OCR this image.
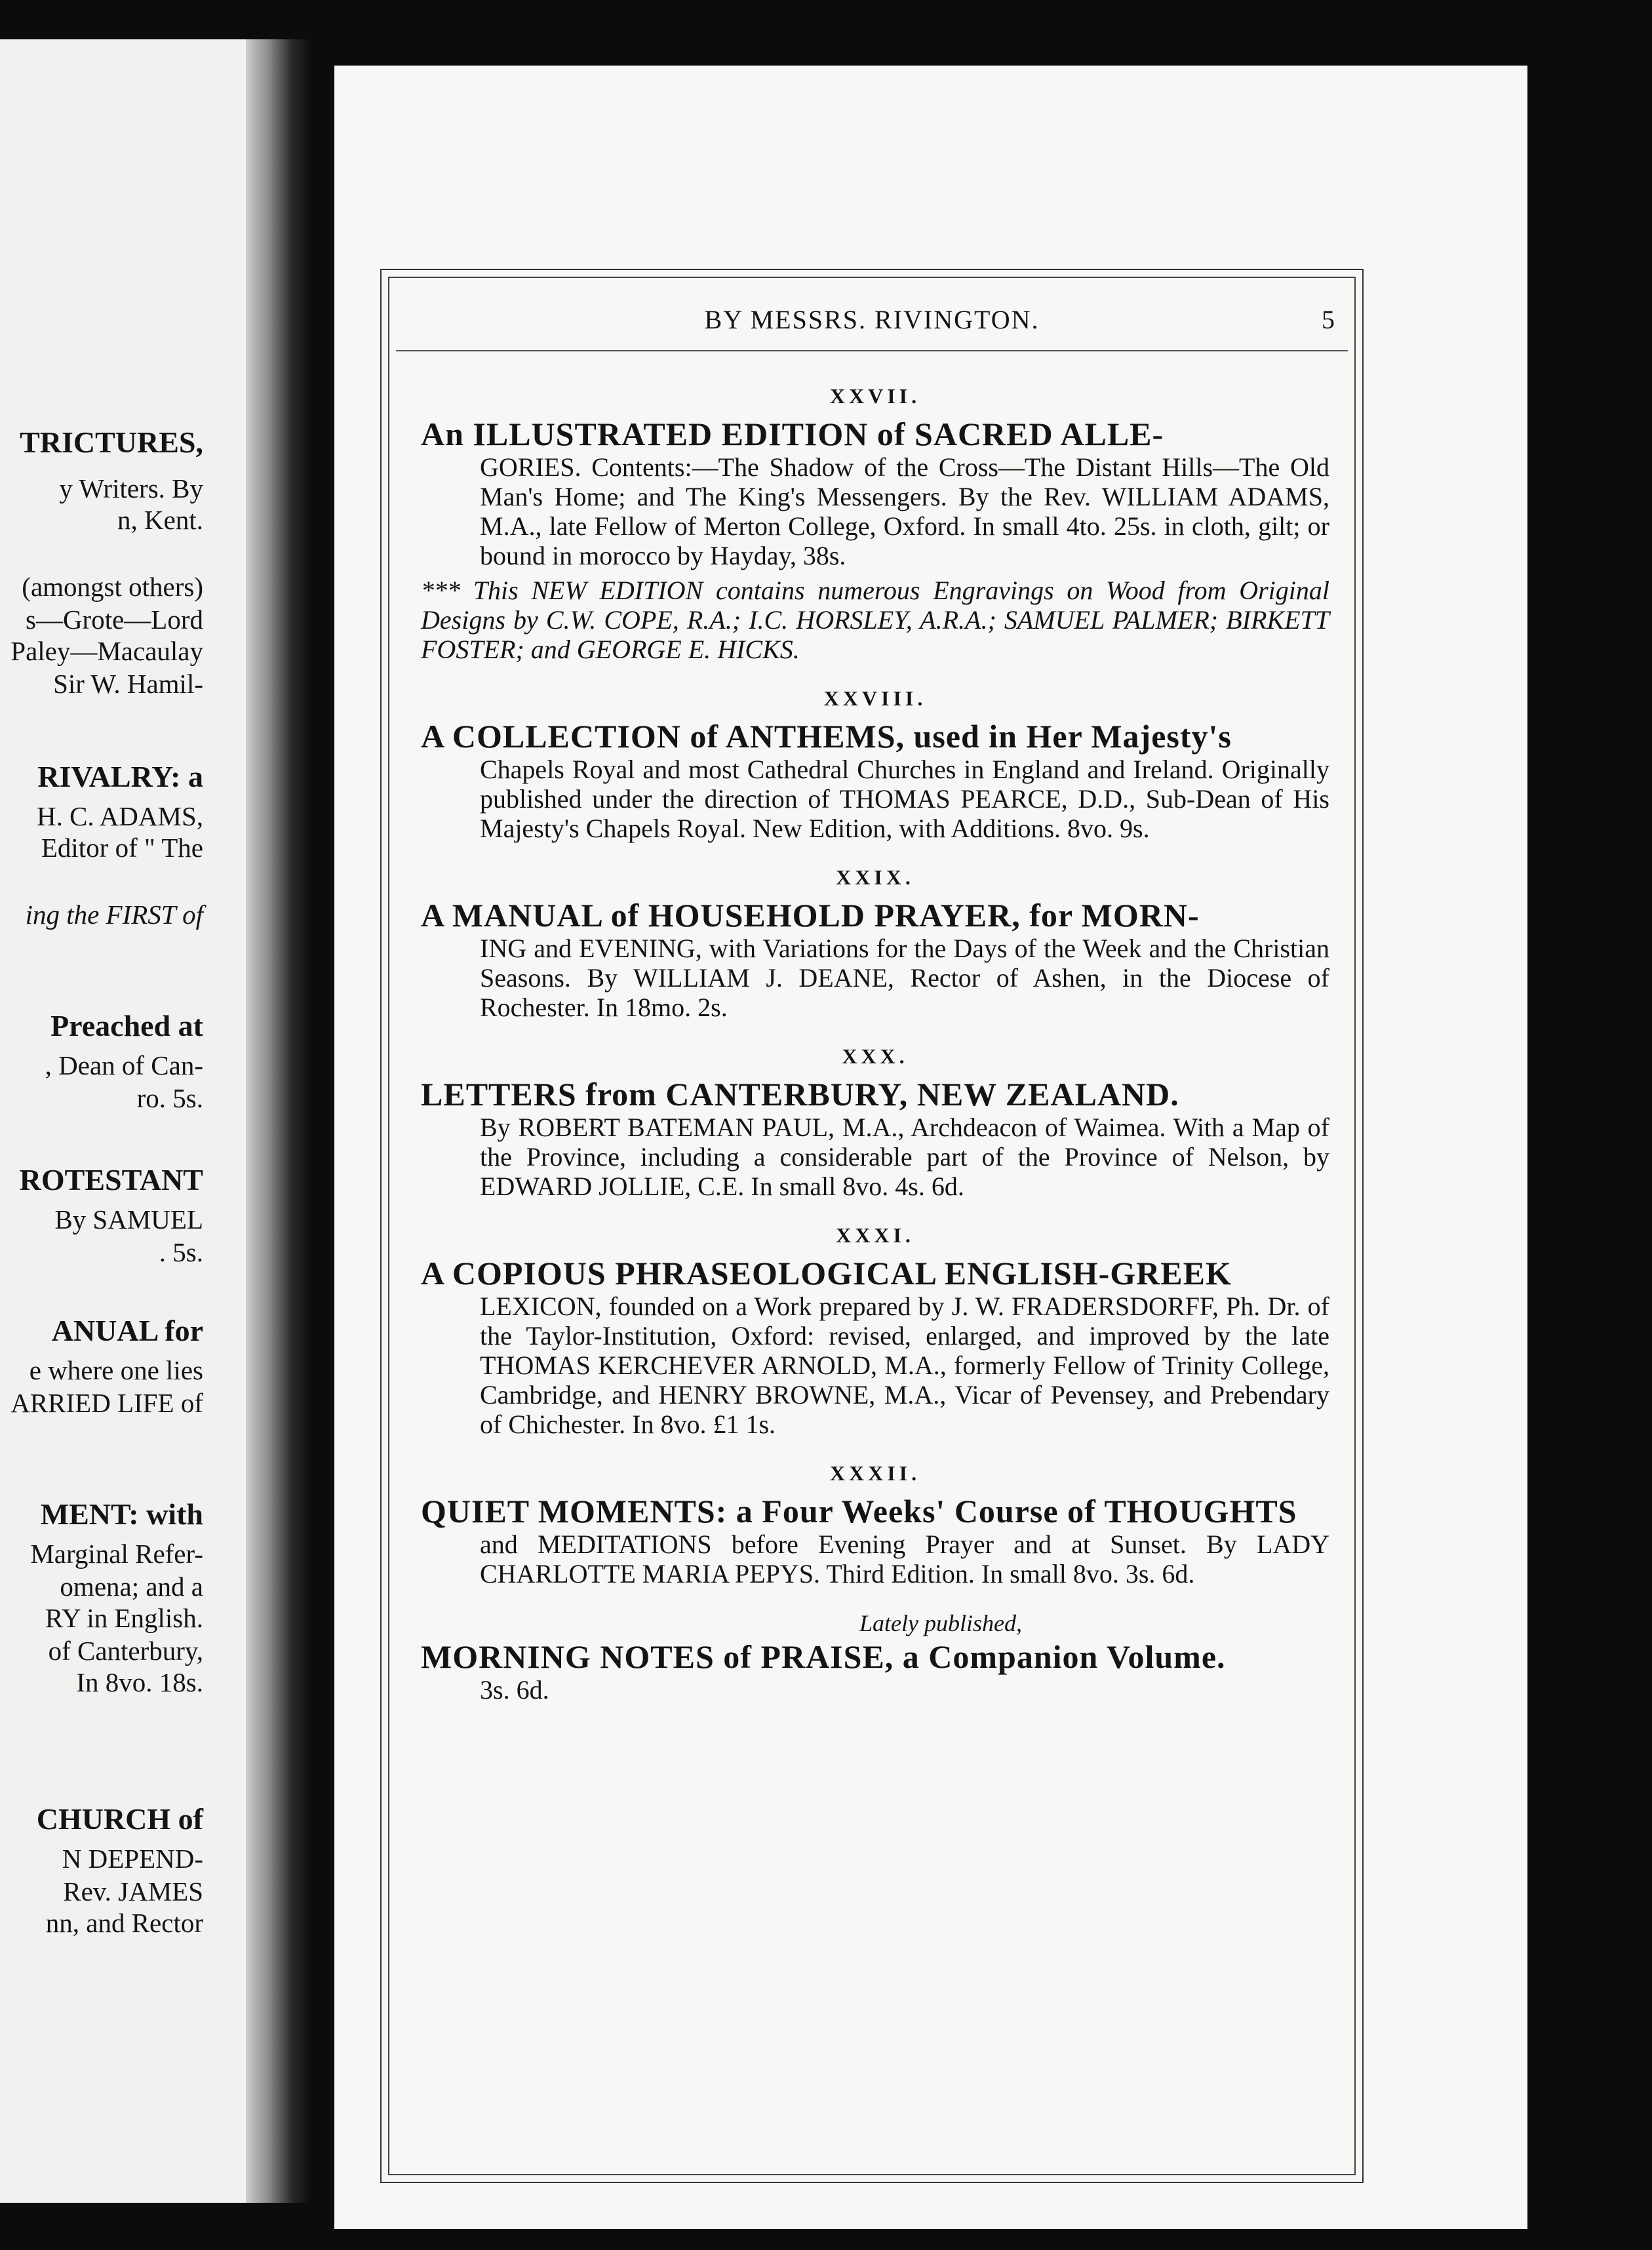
TRICTURES,
y Writers. By
n, Kent.
(amongst others)
s—Grote—Lord
Paley—Macaulay
Sir W. Hamil-
RIVALRY: a
H. C. ADAMS,
Editor of " The
ing the FIRST of
Preached at
, Dean of Can-
ro. 5s.
ROTESTANT
By SAMUEL
. 5s.
ANUAL for
e where one lies
ARRIED LIFE of
MENT: with
Marginal Refer-
omena; and a
RY in English.
of Canterbury,
In 8vo. 18s.
CHURCH of
N DEPEND-
Rev. JAMES
nn, and Rector
BY MESSRS. RIVINGTON.	5
XXVII.
An ILLUSTRATED EDITION of SACRED ALLE-
GORIES. Contents:—The Shadow of the Cross—The Distant Hills—The Old Man's Home; and The King's Messengers. By the Rev. WILLIAM ADAMS, M.A., late Fellow of Merton College, Oxford. In small 4to. 25s. in cloth, gilt; or bound in morocco by Hayday, 38s.
*** This NEW EDITION contains numerous Engravings on Wood from Original Designs by C.W. COPE, R.A.; I.C. HORSLEY, A.R.A.; SAMUEL PALMER; BIRKETT FOSTER; and GEORGE E. HICKS.
XXVIII.
A COLLECTION of ANTHEMS, used in Her Majesty's
Chapels Royal and most Cathedral Churches in England and Ireland. Originally published under the direction of THOMAS PEARCE, D.D., Sub-Dean of His Majesty's Chapels Royal. New Edition, with Additions. 8vo. 9s.
XXIX.
A MANUAL of HOUSEHOLD PRAYER, for MORN-
ING and EVENING, with Variations for the Days of the Week and the Christian Seasons. By WILLIAM J. DEANE, Rector of Ashen, in the Diocese of Rochester. In 18mo. 2s.
XXX.
LETTERS from CANTERBURY, NEW ZEALAND.
By ROBERT BATEMAN PAUL, M.A., Archdeacon of Waimea. With a Map of the Province, including a considerable part of the Province of Nelson, by EDWARD JOLLIE, C.E. In small 8vo. 4s. 6d.
XXXI.
A COPIOUS PHRASEOLOGICAL ENGLISH-GREEK
LEXICON, founded on a Work prepared by J. W. FRADERSDORFF, Ph. Dr. of the Taylor-Institution, Oxford: revised, enlarged, and improved by the late THOMAS KERCHEVER ARNOLD, M.A., formerly Fellow of Trinity College, Cambridge, and HENRY BROWNE, M.A., Vicar of Pevensey, and Prebendary of Chichester. In 8vo. £1 1s.
XXXII.
QUIET MOMENTS: a Four Weeks' Course of THOUGHTS
and MEDITATIONS before Evening Prayer and at Sunset. By LADY CHARLOTTE MARIA PEPYS. Third Edition. In small 8vo. 3s. 6d.
Lately published,
MORNING NOTES of PRAISE, a Companion Volume.
3s. 6d.
